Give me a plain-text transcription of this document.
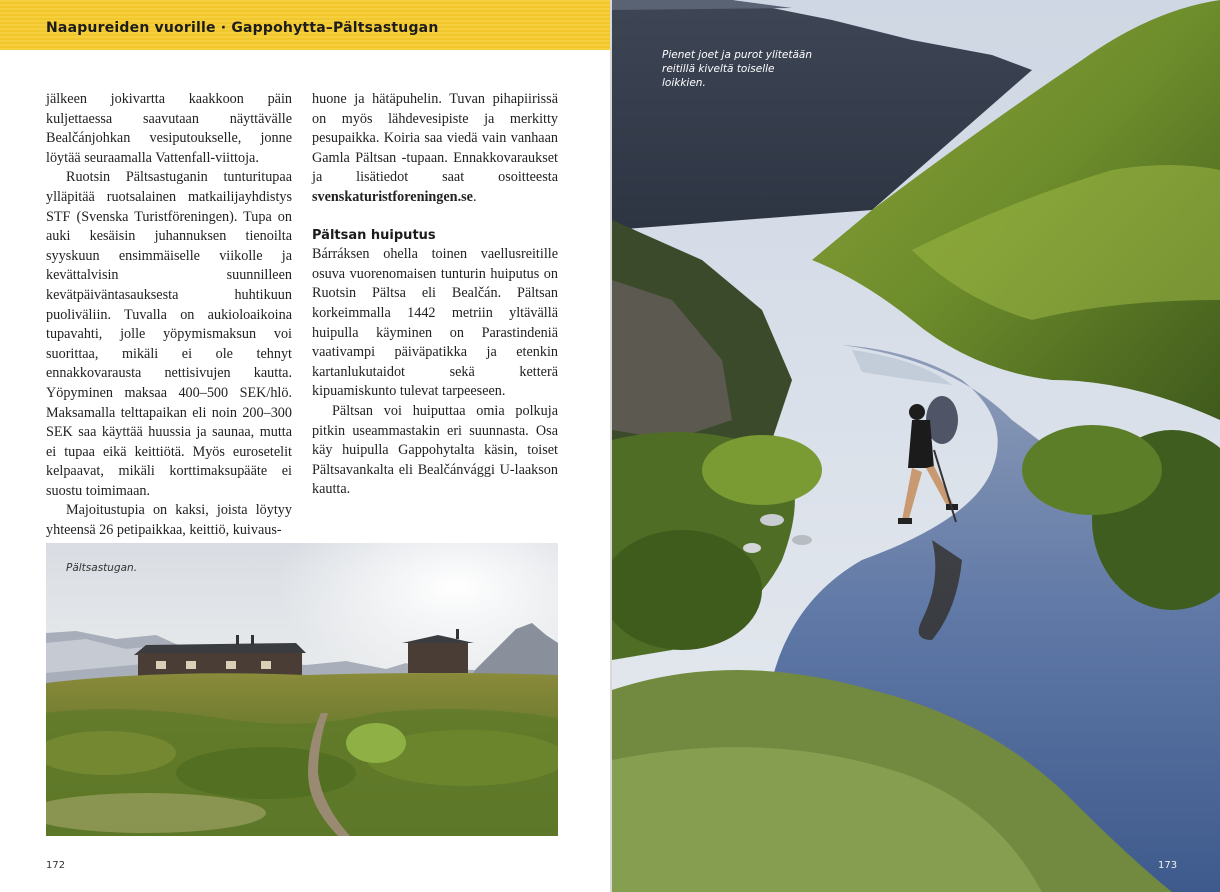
Naapureiden vuorille · Gappohytta–Pältsastugan

jälkeen jokivartta kaakkoon päin kuljettaessa saavutaan näyttävälle Bealčánjohkan vesiputoukselle, jonne löytää seuraamalla Vattenfall-viittoja.

Ruotsin Pältsastuganin tunturitupaa ylläpitää ruotsalainen matkailijayhdistys STF (Svenska Turistföreningen). Tupa on auki kesäisin juhannuksen tienoilta syyskuun ensimmäiselle viikolle ja kevättalvisin suunnilleen kevätpäiväntasauksesta huhtikuun puoliväliin. Tuvalla on aukioloaikoina tupavahti, jolle yöpymismaksun voi suorittaa, mikäli ei ole tehnyt ennakkovarausta nettisivujen kautta. Yöpyminen maksaa 400–500 SEK/hlö. Maksamalla telttapaikan eli noin 200–300 SEK saa käyttää huussia ja saunaa, mutta ei tupaa eikä keittiötä. Myös eurosetelit kelpaavat, mikäli korttimaksupääte ei suostu toimimaan.

Majoitustupia on kaksi, joista löytyy yhteensä 26 petipaikkaa, keittiö, kuivaus-

huone ja hätäpuhelin. Tuvan pihapiirissä on myös lähdevesipiste ja merkitty pesupaikka. Koiria saa viedä vain vanhaan Gamla Pältsan -tupaan. Ennakkovaraukset ja lisätiedot saat osoitteesta svenskaturistforeningen.se.

Pältsan huiputus

Bárráksen ohella toinen vaellusreitille osuva vuorenomaisen tunturin huiputus on Ruotsin Pältsa eli Bealčán. Pältsan korkeimmalla 1442 metriin yltävällä huipulla käyminen on Parastindeniä vaativampi päiväpatikka ja etenkin kartanlukutaidot sekä ketterä kipuamiskunto tulevat tarpeeseen.

Pältsan voi huiputtaa omia polkuja pitkin useammastakin eri suunnasta. Osa käy huipulla Gappohytalta käsin, toiset Pältsavankalta eli Bealčánvággi U-laakson kautta.

Pältsastugan.
172
Pienet joet ja purot ylitetään reitillä kiveltä toiselle loikkien.
173
